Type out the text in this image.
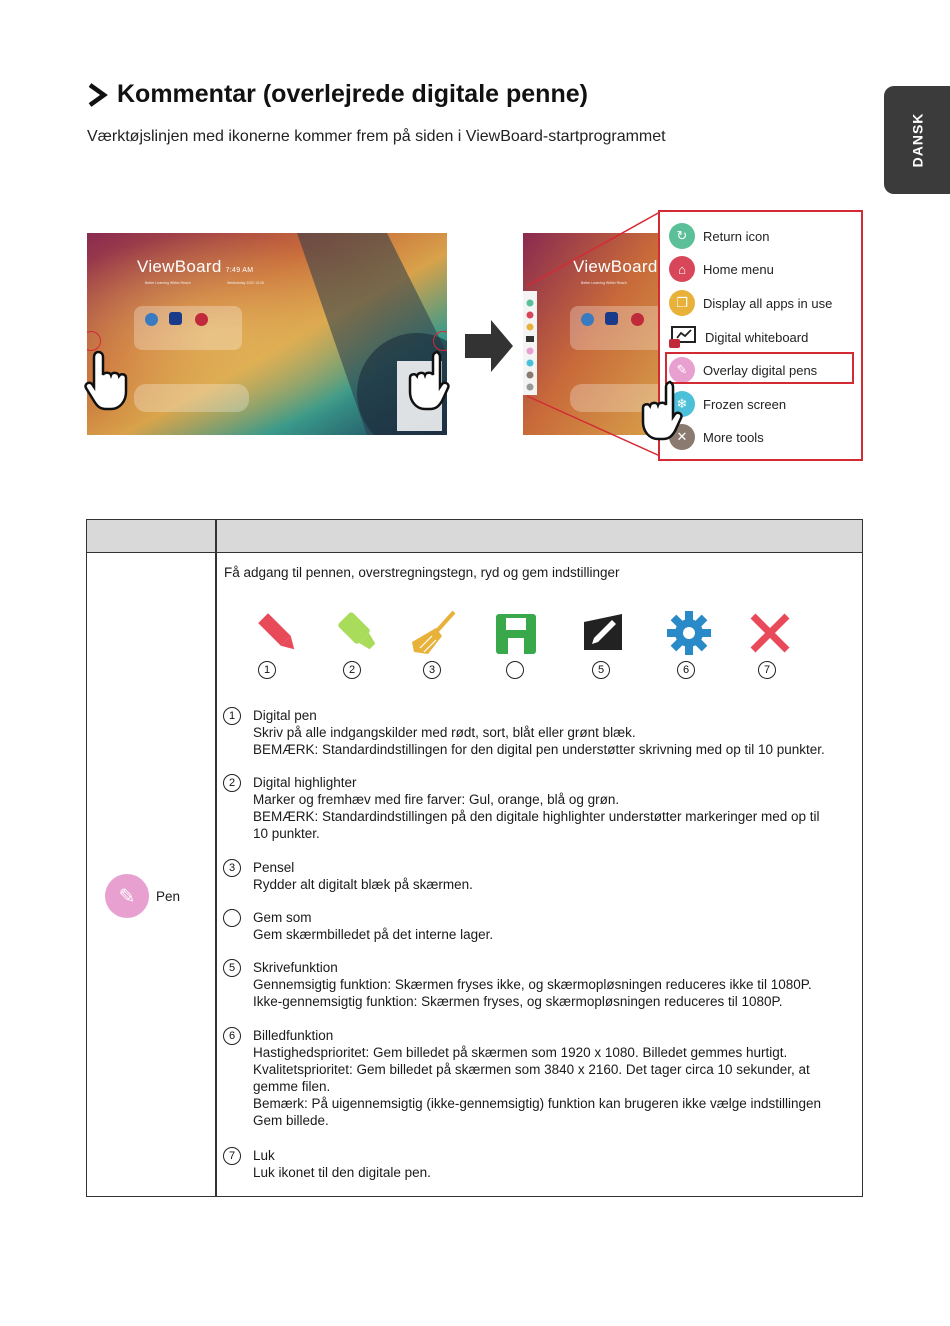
DANSK
Kommentar (overlejrede digitale penne)
Værktøjslinjen med ikonerne kommer frem på siden i ViewBoard-startprogrammet
ViewBoard 7:49 AM
Better Learning Within Reach	Wednesday 2020 13:26
ViewBoard
Better Learning Within Reach
↻	Return icon
⌂	Home menu
❐	Display all apps in use
Digital whiteboard
✎	Overlay digital pens
❄	Frozen screen
✕	More tools
✎	Pen
Få adgang til pennen, overstregningstegn, ryd og gem indstillinger
1	2	3	5	6	7
1	Digital pen
Skriv på alle indgangskilder med rødt, sort, blåt eller grønt blæk.
BEMÆRK: Standardindstillingen for den digital pen understøtter skrivning med op til 10 punkter.
2	Digital highlighter
Marker og fremhæv med fire farver: Gul, orange, blå og grøn.
BEMÆRK: Standardindstillingen på den digitale highlighter understøtter markeringer med op til
10 punkter.
3	Pensel
Rydder alt digitalt blæk på skærmen.
Gem som
Gem skærmbilledet på det interne lager.
5	Skrivefunktion
Gennemsigtig funktion: Skærmen fryses ikke, og skærmopløsningen reduceres ikke til 1080P.
Ikke-gennemsigtig funktion: Skærmen fryses, og skærmopløsningen reduceres til 1080P.
6	Billedfunktion
Hastighedsprioritet: Gem billedet på skærmen som 1920 x 1080. Billedet gemmes hurtigt.
Kvalitetsprioritet: Gem billedet på skærmen som 3840 x 2160. Det tager circa 10 sekunder, at
gemme filen.
Bemærk: På uigennemsigtig (ikke-gennemsigtig) funktion kan brugeren ikke vælge indstillingen
Gem billede.
7	Luk
Luk ikonet til den digitale pen.
